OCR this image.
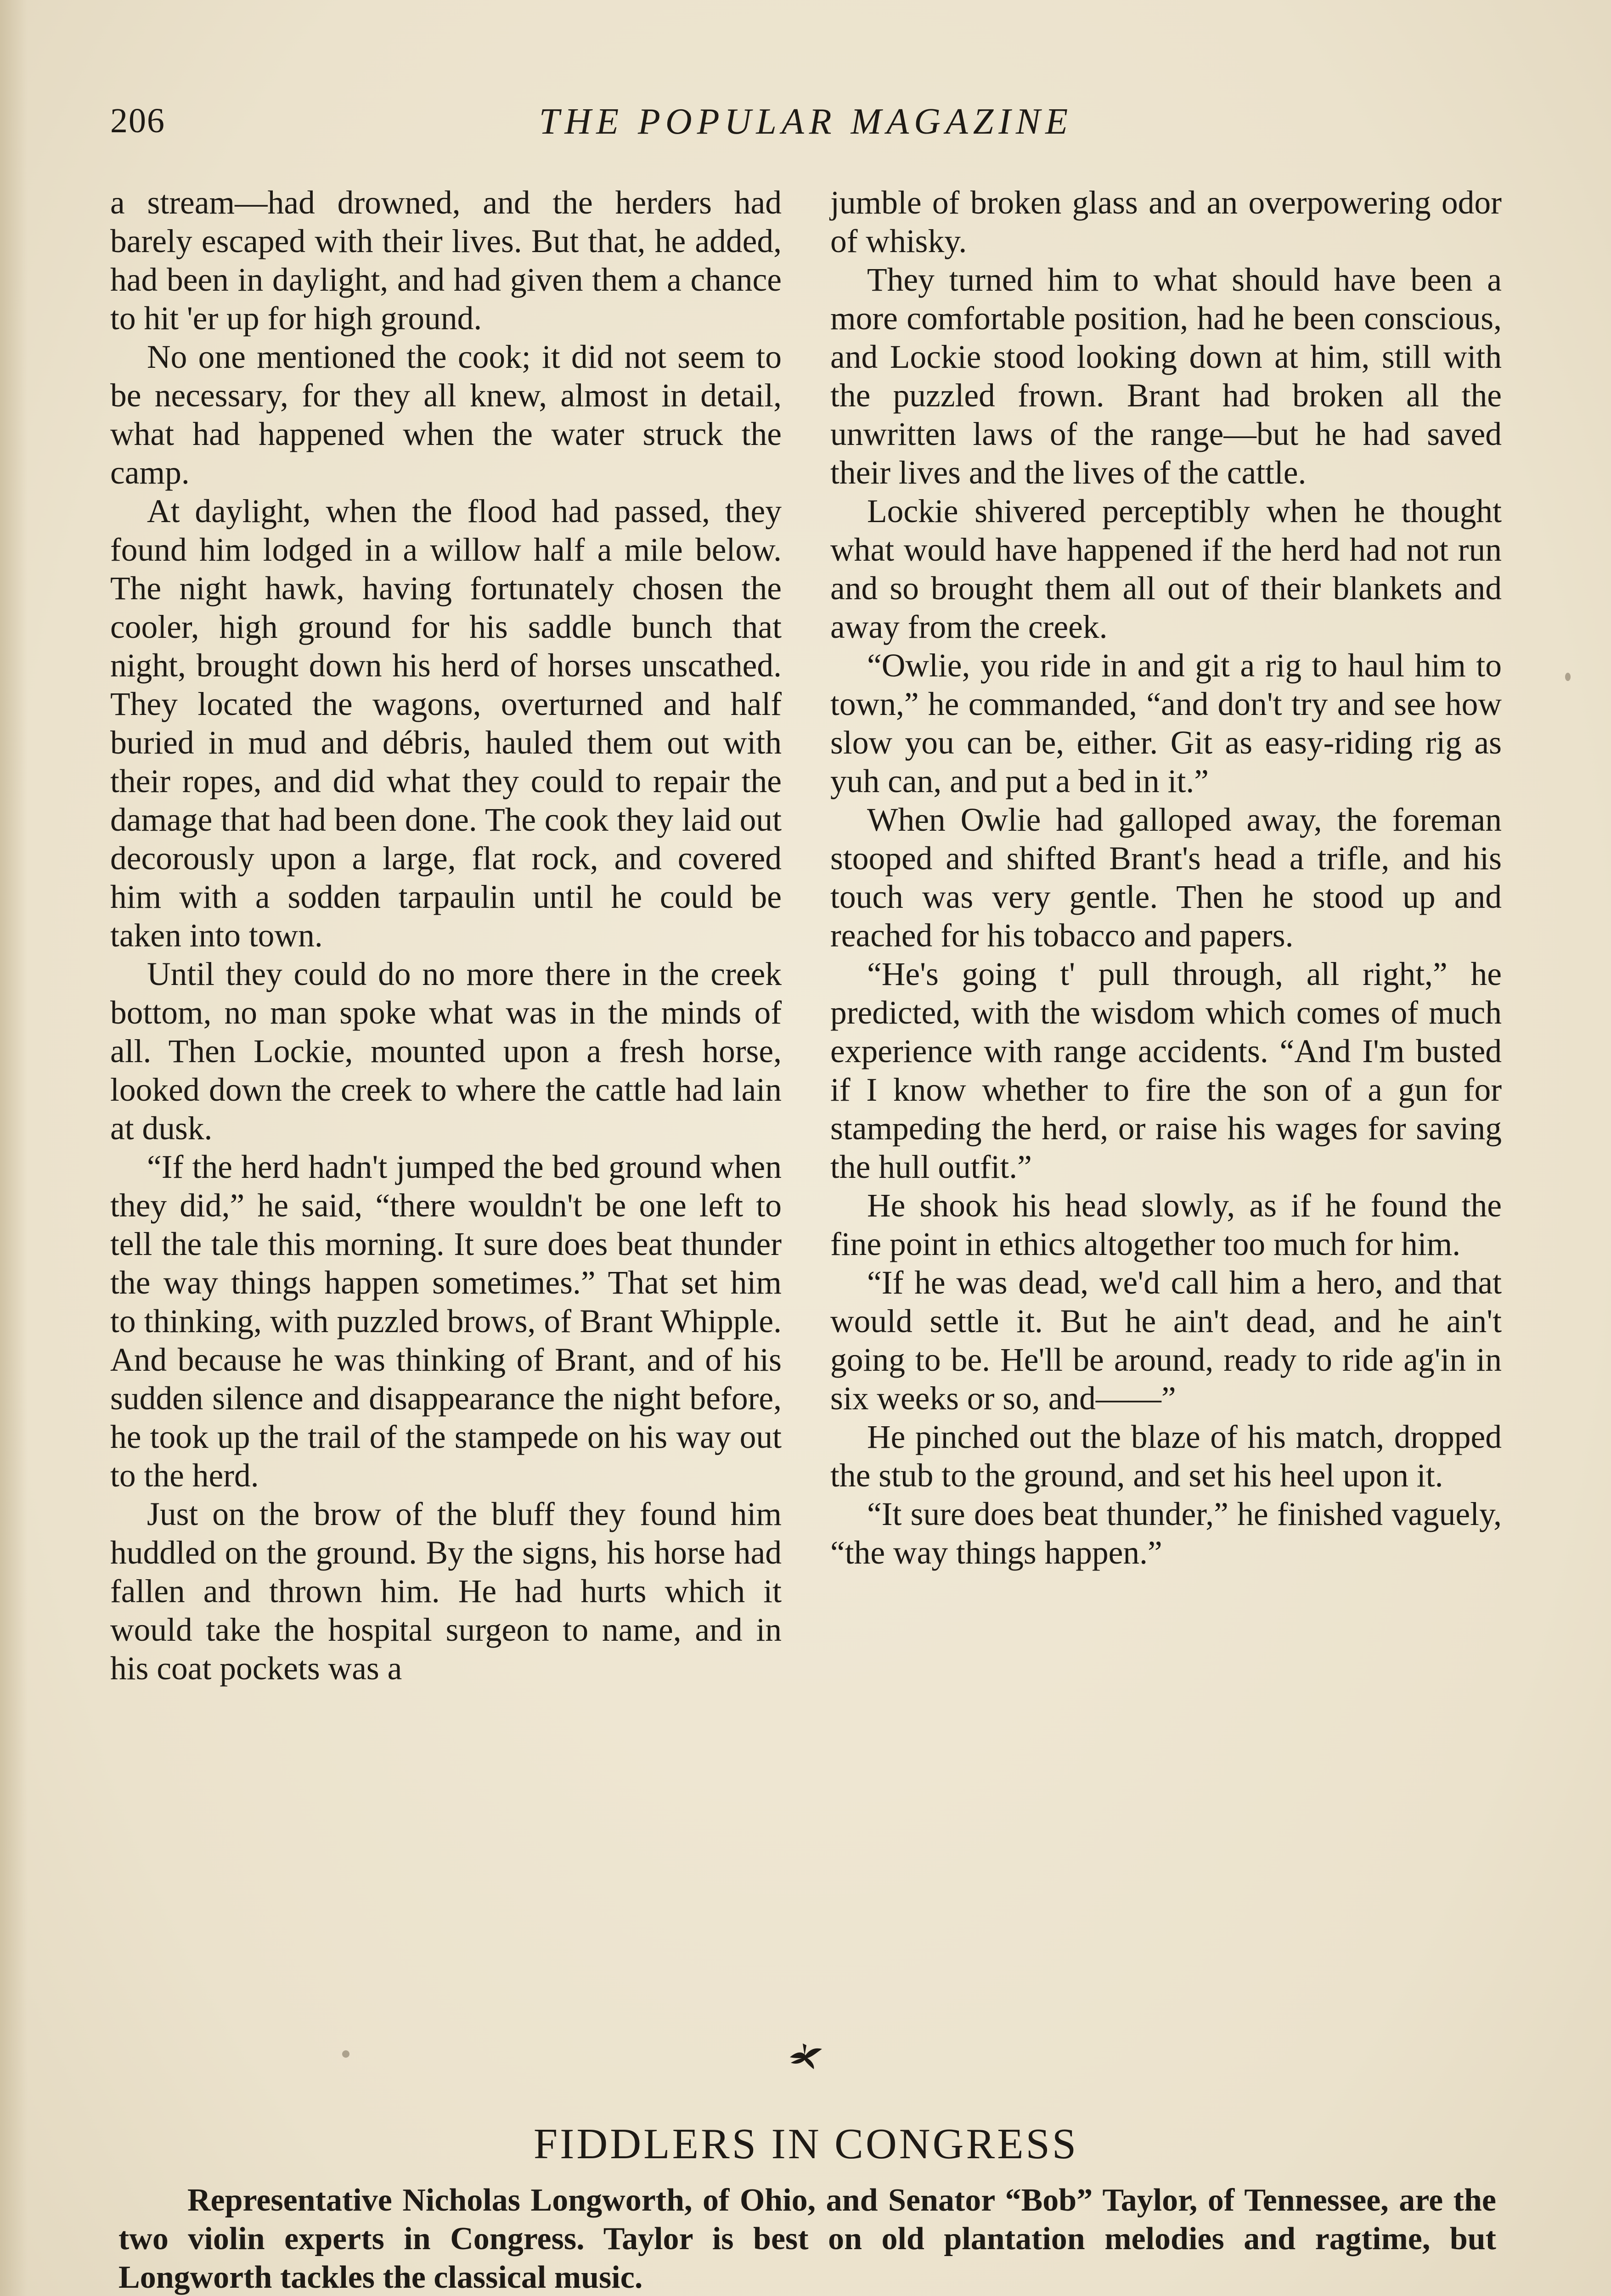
THE POPULAR MAGAZINE
206

a stream—had drowned, and the herders had barely escaped with their lives. But that, he added, had been in daylight, and had given them a chance to hit 'er up for high ground.

No one mentioned the cook; it did not seem to be necessary, for they all knew, almost in detail, what had happened when the water struck the camp.

At daylight, when the flood had passed, they found him lodged in a willow half a mile below. The night hawk, having fortunately chosen the cooler, high ground for his saddle bunch that night, brought down his herd of horses unscathed. They located the wagons, overturned and half buried in mud and débris, hauled them out with their ropes, and did what they could to repair the damage that had been done. The cook they laid out decorously upon a large, flat rock, and covered him with a sodden tarpaulin until he could be taken into town.

Until they could do no more there in the creek bottom, no man spoke what was in the minds of all. Then Lockie, mounted upon a fresh horse, looked down the creek to where the cattle had lain at dusk.

“If the herd hadn't jumped the bed ground when they did,” he said, “there wouldn't be one left to tell the tale this morning. It sure does beat thunder the way things happen sometimes.” That set him to thinking, with puzzled brows, of Brant Whipple. And because he was thinking of Brant, and of his sudden silence and disappearance the night before, he took up the trail of the stampede on his way out to the herd.

Just on the brow of the bluff they found him huddled on the ground. By the signs, his horse had fallen and thrown him. He had hurts which it would take the hospital surgeon to name, and in his coat pockets was a

jumble of broken glass and an overpowering odor of whisky.

They turned him to what should have been a more comfortable position, had he been conscious, and Lockie stood looking down at him, still with the puzzled frown. Brant had broken all the unwritten laws of the range—but he had saved their lives and the lives of the cattle.

Lockie shivered perceptibly when he thought what would have happened if the herd had not run and so brought them all out of their blankets and away from the creek.

“Owlie, you ride in and git a rig to haul him to town,” he commanded, “and don't try and see how slow you can be, either. Git as easy-riding rig as yuh can, and put a bed in it.”

When Owlie had galloped away, the foreman stooped and shifted Brant's head a trifle, and his touch was very gentle. Then he stood up and reached for his tobacco and papers.

“He's going t' pull through, all right,” he predicted, with the wisdom which comes of much experience with range accidents. “And I'm busted if I know whether to fire the son of a gun for stampeding the herd, or raise his wages for saving the hull outfit.”

He shook his head slowly, as if he found the fine point in ethics altogether too much for him.

“If he was dead, we'd call him a hero, and that would settle it. But he ain't dead, and he ain't going to be. He'll be around, ready to ride ag'in in six weeks or so, and——”

He pinched out the blaze of his match, dropped the stub to the ground, and set his heel upon it.

“It sure does beat thunder,” he finished vaguely, “the way things happen.”

FIDDLERS IN CONGRESS

Representative Nicholas Longworth, of Ohio, and Senator “Bob” Taylor, of Tennessee, are the two violin experts in Congress. Taylor is best on old plantation melodies and ragtime, but Longworth tackles the classical music.
